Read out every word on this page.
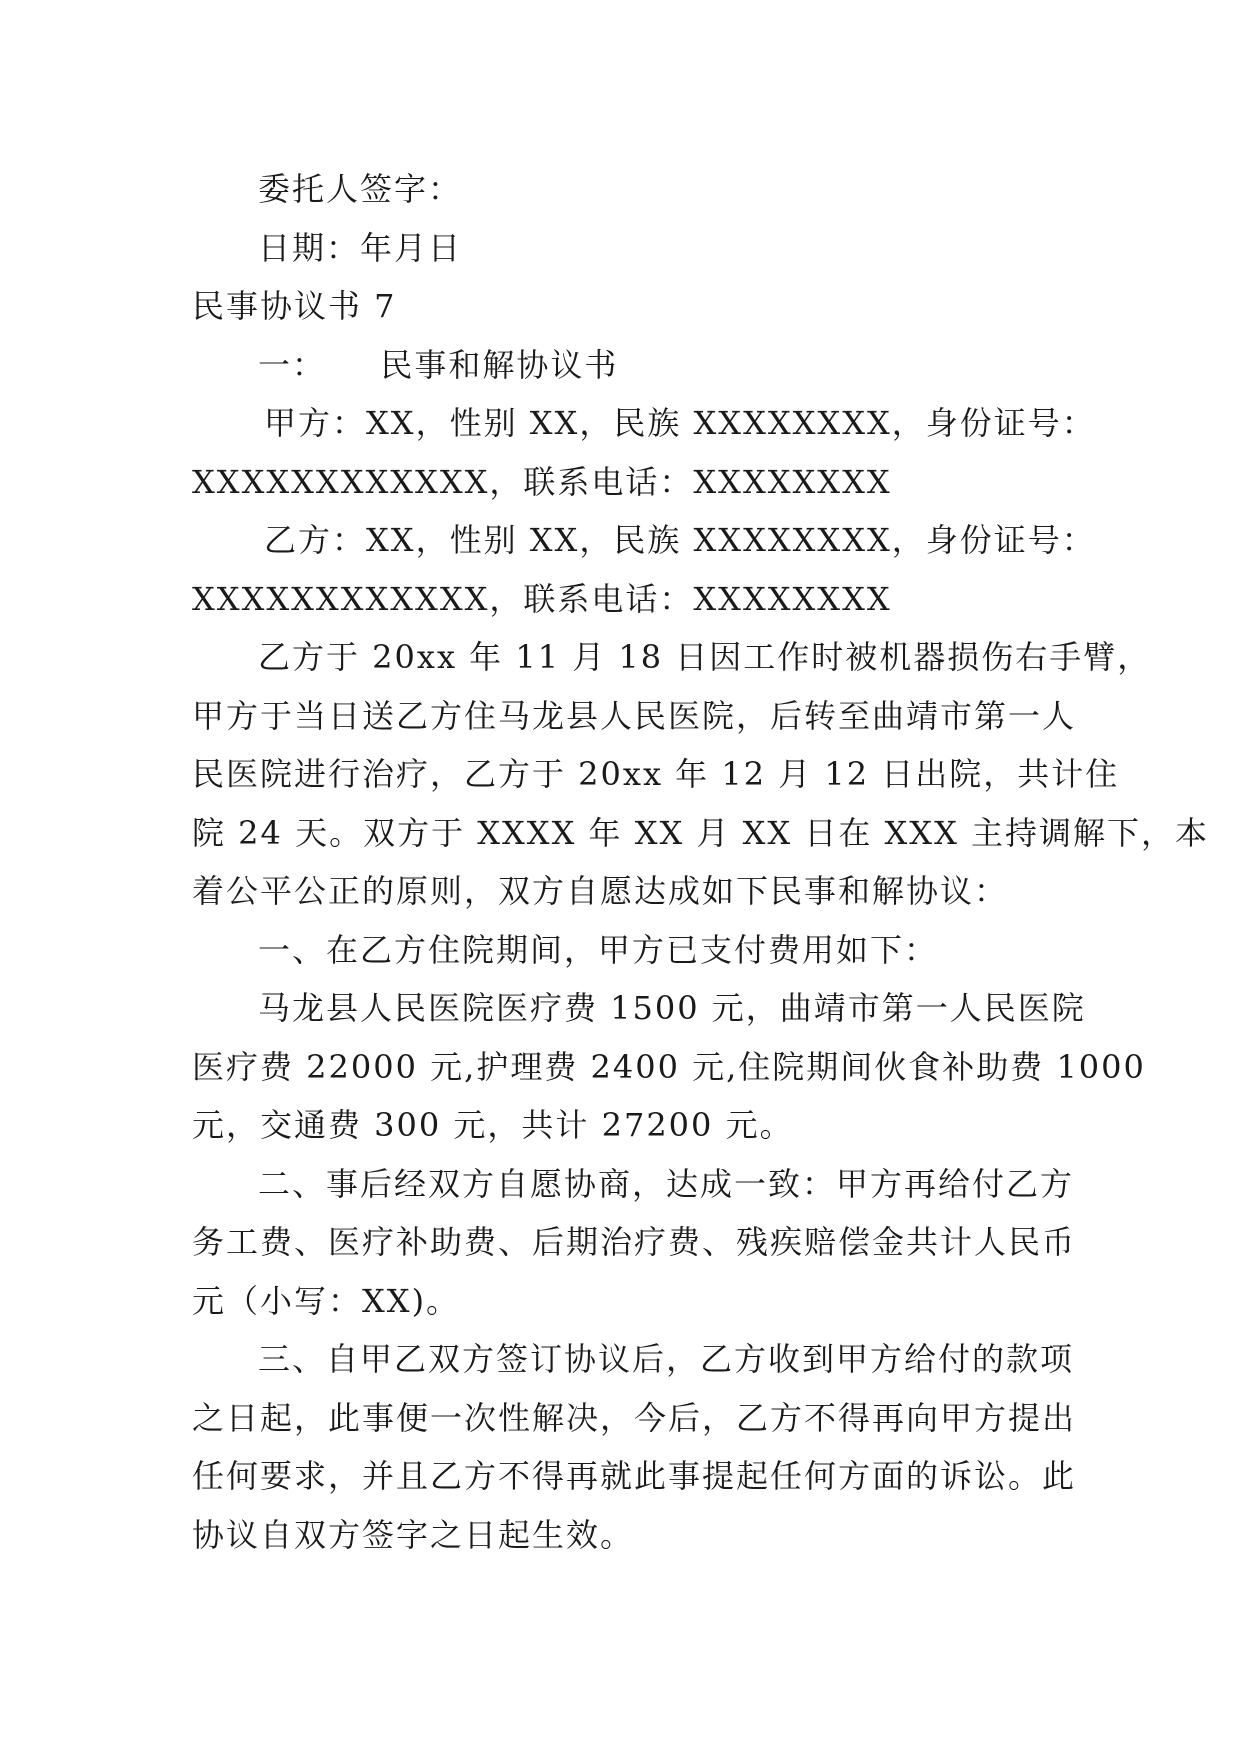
委托人签字：
日期：年月日
民事协议书 7
一： 民事和解协议书
甲方：XX， 性别 XX， 民族 XXXXXXXX， 身份证号：
XXXXXXXXXXXX，联系电话：XXXXXXXX
乙方：XX， 性别 XX， 民族 XXXXXXXX， 身份证号：
XXXXXXXXXXXX，联系电话：XXXXXXXX
乙方于 20xx 年 11 月 18 日因工作时被机器损伤右手臂，
甲方于当日送乙方住马龙县人民医院，后转至曲靖市第一人
民医院进行治疗，乙方于 20xx 年 12 月 12 日出院，共计住
院 24 天。双方于 XXXX 年 XX 月 XX 日在 XXX 主持调解下，本
着公平公正的原则，双方自愿达成如下民事和解协议：
一、在乙方住院期间，甲方已支付费用如下：
马龙县人民医院医疗费 1500 元，曲靖市第一人民医院
医疗费 22000 元,护理费 2400 元,住院期间伙食补助费 1000
元，交通费 300 元，共计 27200 元。
二、事后经双方自愿协商，达成一致：甲方再给付乙方
务工费、医疗补助费、后期治疗费、残疾赔偿金共计人民币
元（小写：XX)。
三、自甲乙双方签订协议后，乙方收到甲方给付的款项
之日起，此事便一次性解决，今后，乙方不得再向甲方提出
任何要求，并且乙方不得再就此事提起任何方面的诉讼。此
协议自双方签字之日起生效。
